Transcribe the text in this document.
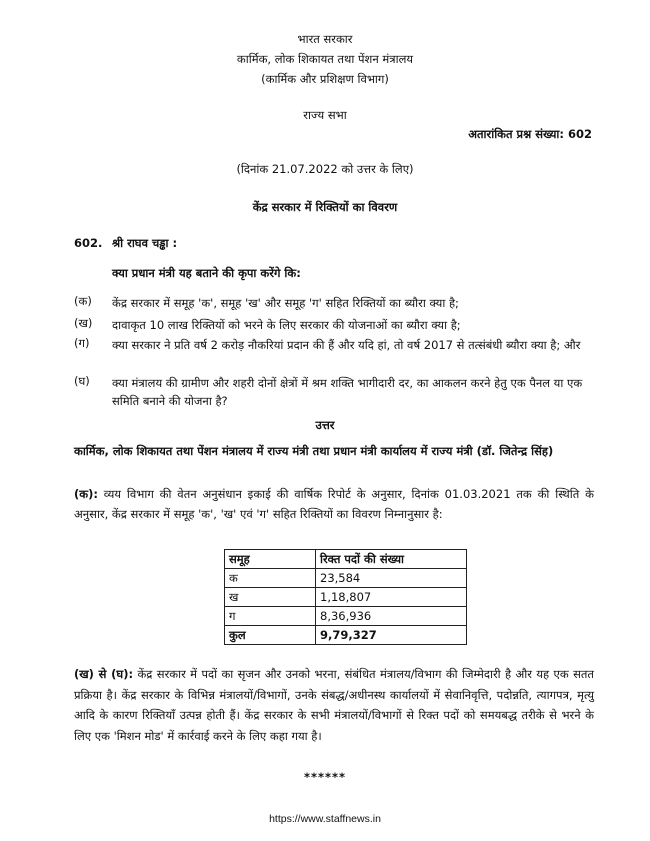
भारत सरकार
कार्मिक, लोक शिकायत तथा पेंशन मंत्रालय
(कार्मिक और प्रशिक्षण विभाग)
राज्य सभा
अतारांकित प्रश्न संख्या: 602
(दिनांक 21.07.2022 को उत्तर के लिए)
केंद्र सरकार में रिक्तियों का विवरण
602. श्री राघव चड्ढा :
क्या प्रधान मंत्री यह बताने की कृपा करेंगे कि:
(क) केंद्र सरकार में समूह 'क', समूह 'ख' और समूह 'ग' सहित रिक्तियों का ब्यौरा क्या है;
(ख) दावाकृत 10 लाख रिक्तियों को भरने के लिए सरकार की योजनाओं का ब्यौरा क्या है;
(ग) क्या सरकार ने प्रति वर्ष 2 करोड़ नौकरियां प्रदान की हैं और यदि हां, तो वर्ष 2017 से तत्संबंधी ब्यौरा क्या है; और
(घ) क्या मंत्रालय की ग्रामीण और शहरी दोनों क्षेत्रों में श्रम शक्ति भागीदारी दर, का आकलन करने हेतु एक पैनल या एक समिति बनाने की योजना है?
उत्तर
कार्मिक, लोक शिकायत तथा पेंशन मंत्रालय में राज्य मंत्री तथा प्रधान मंत्री कार्यालय में राज्य मंत्री (डॉ. जितेन्द्र सिंह)
(क): व्यय विभाग की वेतन अनुसंधान इकाई की वार्षिक रिपोर्ट के अनुसार, दिनांक 01.03.2021 तक की स्थिति के अनुसार, केंद्र सरकार में समूह 'क', 'ख' एवं 'ग' सहित रिक्तियों का विवरण निम्नानुसार है:
समूह	रिक्त पदों की संख्या
क	23,584
ख	1,18,807
ग	8,36,936
कुल	9,79,327
(ख) से (घ): केंद्र सरकार में पदों का सृजन और उनको भरना, संबंधित मंत्रालय/विभाग की जिम्मेदारी है और यह एक सतत प्रक्रिया है। केंद्र सरकार के विभिन्न मंत्रालयों/विभागों, उनके संबद्ध/अधीनस्थ कार्यालयों में सेवानिवृत्ति, पदोन्नति, त्यागपत्र, मृत्यु आदि के कारण रिक्तियाँ उत्पन्न होती हैं। केंद्र सरकार के सभी मंत्रालयों/विभागों से रिक्त पदों को समयबद्ध तरीके से भरने के लिए एक 'मिशन मोड' में कार्रवाई करने के लिए कहा गया है।
******
https://www.staffnews.in
